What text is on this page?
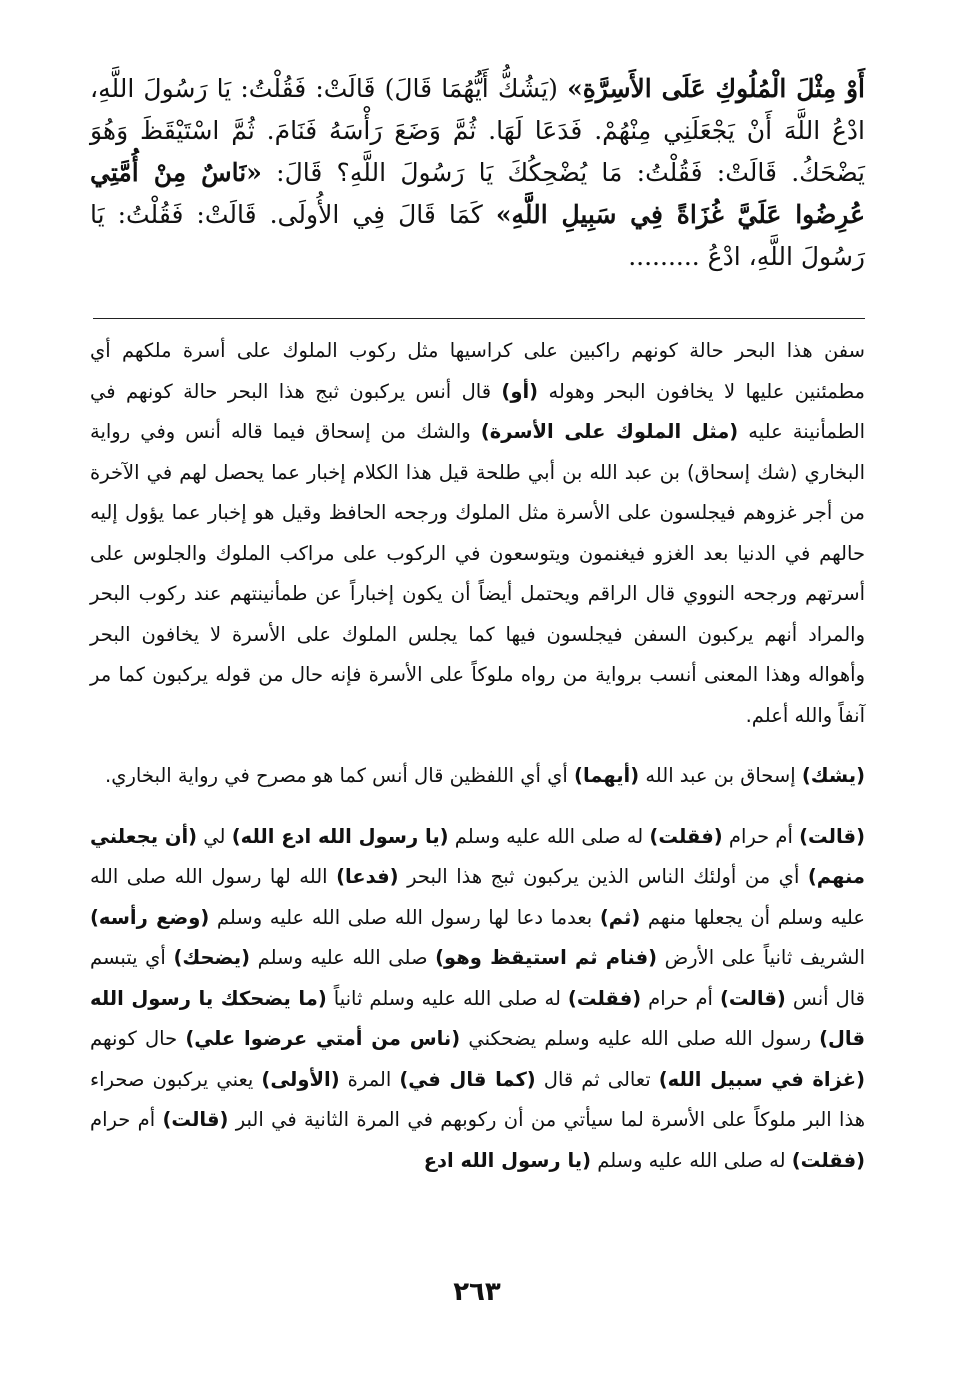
أَوْ مِثْلَ الْمُلُوكِ عَلَى الأَسِرَّةِ» (يَشُكُّ أَيُّهُمَا قَالَ) قَالَتْ: فَقُلْتُ: يَا رَسُولَ اللَّهِ، ادْعُ اللَّهَ أَنْ يَجْعَلَنِي مِنْهُمْ. فَدَعَا لَهَا. ثُمَّ وَضَعَ رَأْسَهُ فَنَامَ. ثُمَّ اسْتَيْقَظَ وَهُوَ يَضْحَكُ. قَالَتْ: فَقُلْتُ: مَا يُضْحِكُكَ يَا رَسُولَ اللَّهِ؟ قَالَ: «نَاسٌ مِنْ أُمَّتِي عُرِضُوا عَلَيَّ غُزَاةً فِي سَبِيلِ اللَّهِ» كَمَا قَالَ فِي الأُولَى. قَالَتْ: فَقُلْتُ: يَا رَسُولَ اللَّهِ، ادْعُ .........

سفن هذا البحر حالة كونهم راكبين على كراسيها مثل ركوب الملوك على أسرة ملكهم أي مطمئنين عليها لا يخافون البحر وهوله (أو) قال أنس يركبون ثبج هذا البحر حالة كونهم في الطمأنينة عليه (مثل الملوك على الأسرة) والشك من إسحاق فيما قاله أنس وفي رواية البخاري (شك إسحاق) بن عبد الله بن أبي طلحة قيل هذا الكلام إخبار عما يحصل لهم في الآخرة من أجر غزوهم فيجلسون على الأسرة مثل الملوك ورجحه الحافظ وقيل هو إخبار عما يؤول إليه حالهم في الدنيا بعد الغزو فيغنمون ويتوسعون في الركوب على مراكب الملوك والجلوس على أسرتهم ورجحه النووي قال الراقم ويحتمل أيضاً أن يكون إخباراً عن طمأنينتهم عند ركوب البحر والمراد أنهم يركبون السفن فيجلسون فيها كما يجلس الملوك على الأسرة لا يخافون البحر وأهواله وهذا المعنى أنسب برواية من رواه ملوكاً على الأسرة فإنه حال من قوله يركبون كما مر آنفاً والله أعلم.

(يشك) إسحاق بن عبد الله (أيهما) أي أي اللفظين قال أنس كما هو مصرح في رواية البخاري.

(قالت) أم حرام (فقلت) له صلى الله عليه وسلم (يا رسول الله ادع الله) لي (أن يجعلني منهم) أي من أولئك الناس الذين يركبون ثبج هذا البحر (فدعا) الله لها رسول الله صلى الله عليه وسلم أن يجعلها منهم (ثم) بعدما دعا لها رسول الله صلى الله عليه وسلم (وضع رأسه) الشريف ثانياً على الأرض (فنام ثم استيقظ وهو) صلى الله عليه وسلم (يضحك) أي يتبسم قال أنس (قالت) أم حرام (فقلت) له صلى الله عليه وسلم ثانياً (ما يضحكك يا رسول الله قال) رسول الله صلى الله عليه وسلم يضحكني (ناس من أمتي عرضوا علي) حال كونهم (غزاة في سبيل الله) تعالى ثم قال (كما قال في) المرة (الأولى) يعني يركبون صحراء هذا البر ملوكاً على الأسرة لما سيأتي من أن ركوبهم في المرة الثانية في البر (قالت) أم حرام (فقلت) له صلى الله عليه وسلم (يا رسول الله ادع

٢٦٣
